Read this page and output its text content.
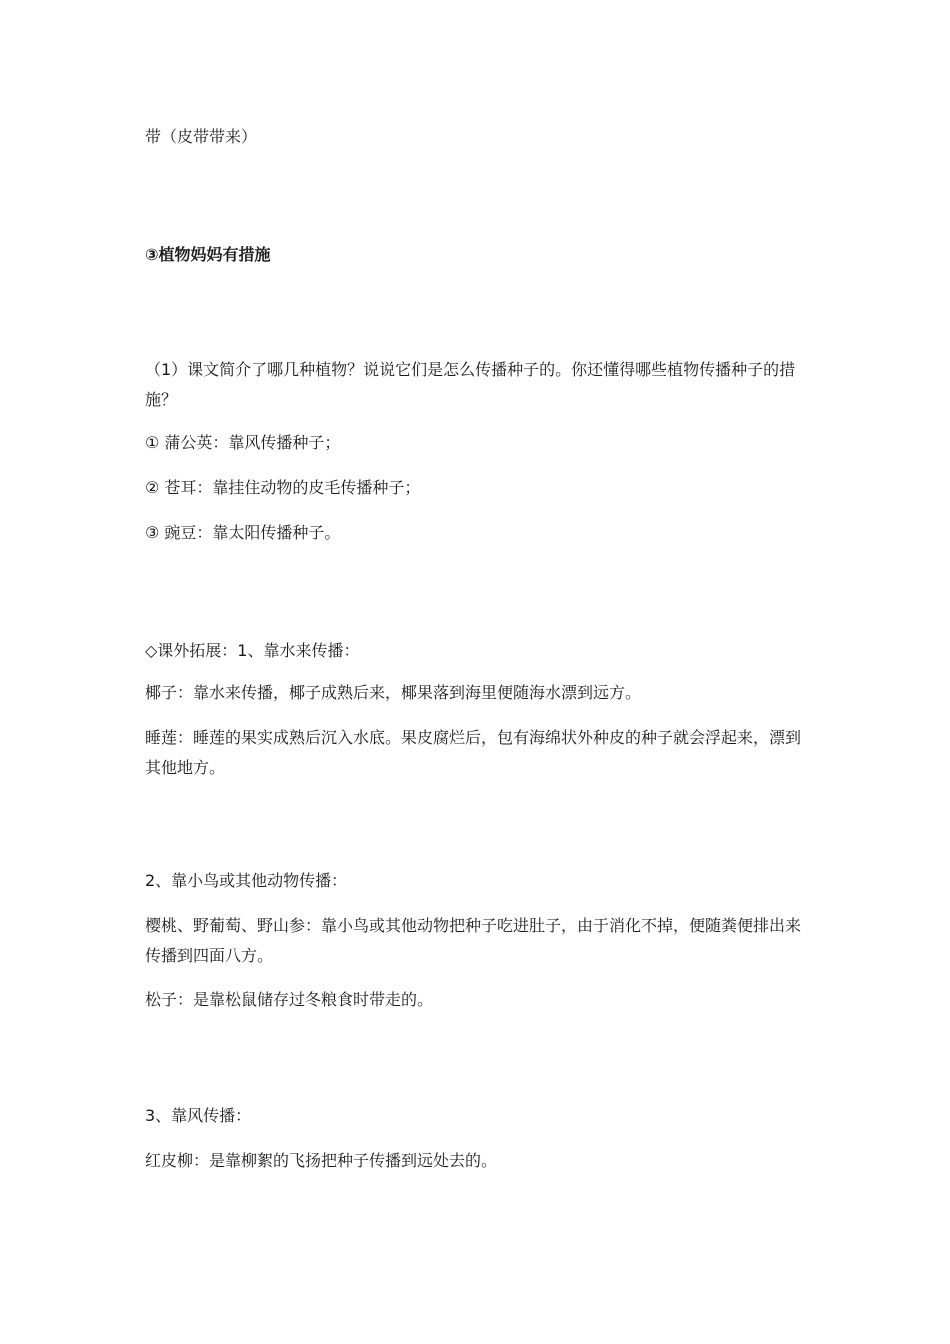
带（皮带带来）

③植物妈妈有措施

（1）课文简介了哪几种植物？说说它们是怎么传播种子的。你还懂得哪些植物传播种子的措施？

① 蒲公英：靠风传播种子；

② 苍耳：靠挂住动物的皮毛传播种子；

③ 豌豆：靠太阳传播种子。

◇课外拓展：1、靠水来传播：

椰子：靠水来传播，椰子成熟后来，椰果落到海里便随海水漂到远方。

睡莲：睡莲的果实成熟后沉入水底。果皮腐烂后，包有海绵状外种皮的种子就会浮起来，漂到其他地方。

2、靠小鸟或其他动物传播：

樱桃、野葡萄、野山参：靠小鸟或其他动物把种子吃进肚子，由于消化不掉，便随粪便排出来传播到四面八方。

松子：是靠松鼠储存过冬粮食时带走的。

3、靠风传播：

红皮柳：是靠柳絮的飞扬把种子传播到远处去的。
